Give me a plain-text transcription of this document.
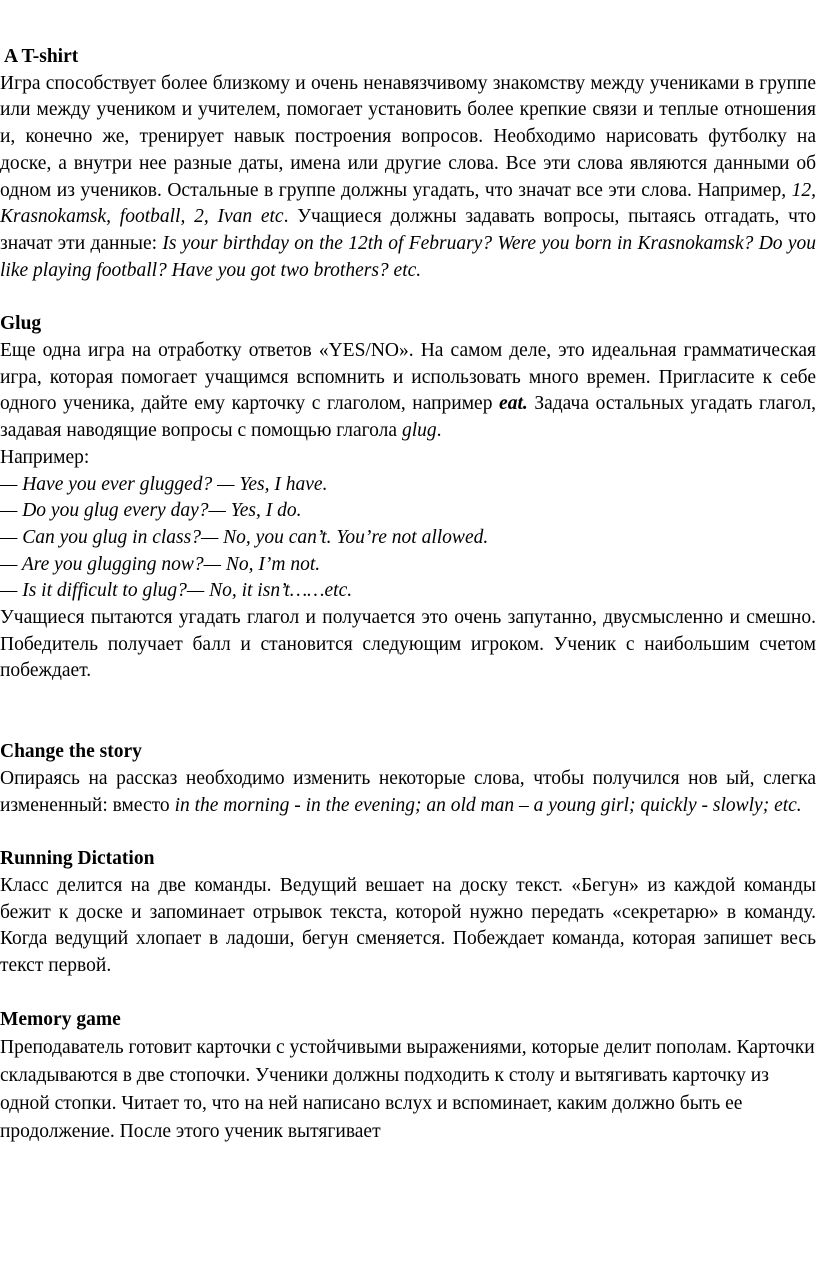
A T-shirt

Игра способствует более близкому и очень ненавязчивому знакомству между учениками в группе или между учеником и учителем, помогает установить более крепкие связи и теплые отношения и, конечно же, тренирует навык построения вопросов. Необходимо нарисовать футболку на доске, а внутри нее разные даты, имена или другие слова. Все эти слова являются данными об одном из учеников. Остальные в группе должны угадать, что значат все эти слова. Например, 12, Krasnokamsk, football, 2, Ivan etc. Учащиеся должны задавать вопросы, пытаясь отгадать, что значат эти данные: Is your birthday on the 12th of February? Were you born in Krasnokamsk? Do you like playing football? Have you got two brothers? etc.

Glug

Еще одна игра на отработку ответов «YES/NO». На самом деле, это идеальная грамматическая игра, которая помогает учащимся вспомнить и использовать много времен. Пригласите к себе одного ученика, дайте ему карточку с глаголом, например eat. Задача остальных угадать глагол, задавая наводящие вопросы с помощью глагола glug.

Например:

— Have you ever glugged? — Yes, I have.

— Do you glug every day?— Yes, I do.

— Can you glug in class?— No, you can’t. You’re not allowed.

— Are you glugging now?— No, I’m not.

— Is it difficult to glug?— No, it isn’t……etc.

Учащиеся пытаются угадать глагол и получается это очень запутанно, двусмысленно и смешно. Победитель получает балл и становится следующим игроком. Ученик с наибольшим счетом побеждает.

Change the story

Опираясь на рассказ необходимо изменить некоторые слова, чтобы получился нов ый, слегка измененный: вместо in the morning - in the evening; an old man – a young girl; quickly - slowly; etc.

Running Dictation

Класс делится на две команды. Ведущий вешает на доску текст. «Бегун» из каждой команды бежит к доске и запоминает отрывок текста, которой нужно передать «секретарю» в команду. Когда ведущий хлопает в ладоши, бегун сменяется. Побеждает команда, которая запишет весь текст первой.

Memory game

Преподаватель готовит карточки с устойчивыми выражениями, которые делит пополам. Карточки складываются в две стопочки. Ученики должны подходить к столу и вытягивать карточку из одной стопки. Читает то, что на ней написано вслух и вспоминает, каким должно быть ее продолжение. После этого ученик вытягивает
